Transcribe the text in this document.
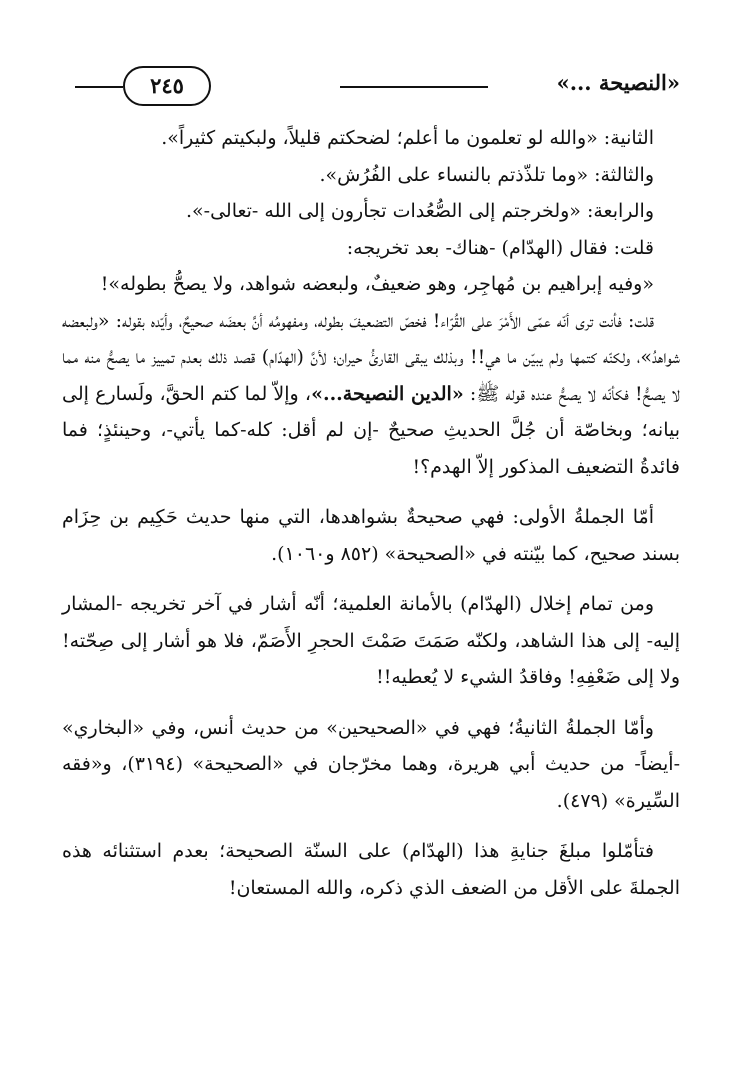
«النصيحة ...»
٢٤٥

الثانية: «والله لو تعلمون ما أعلم؛ لضحكتم قليلاً، ولبكيتم كثيراً».

والثالثة: «وما تلذّذتم بالنساء على الفُرُش».

والرابعة: «ولخرجتم إلى الصُّعُدات تجأرون إلى الله -تعالى-».

قلت: فقال (الهدّام) -هناك- بعد تخريجه:

«وفيه إبراهيم بن مُهاجِر، وهو ضعيفٌ، ولبعضه شواهد، ولا يصحُّ بطوله»!

قلت: فأنت ترى أنّه عمّى الأَمْرَ على القُرّاء! فخصّ التضعيفَ بطوله، ومفهومُه أنَّ بعضَه صحيحٌ، وأيّده بقوله: «ولبعضه شواهدُ»، ولكنّه كتمها ولم يبيّن ما هي!! وبذلك يبقى القارئُ حيران؛ لأنَّ (الهدّام) قصد ذلك بعدم تمييز ما يصحُّ منه مما لا يصحُّ! فكأنّه لا يصحُّ عنده قوله ﷺ: «الدين النصيحة...»، وإلاّ لما كتم الحقَّ، ولَسارع إلى بيانه؛ وبخاصّة أن جُلَّ الحديثِ صحيحٌ -إن لم أقل: كله-كما يأتي-، وحينئذٍ؛ فما فائدةُ التضعيف المذكور إلاّ الهدم؟!

أمّا الجملةُ الأولى: فهي صحيحةٌ بشواهدها، التي منها حديث حَكِيم بن حِزَام بسند صحيح، كما بيّنته في «الصحيحة» (٨٥٢ و١٠٦٠).

ومن تمام إخلال (الهدّام) بالأمانة العلمية؛ أنّه أشار في آخر تخريجه -المشار إليه- إلى هذا الشاهد، ولكنّه صَمَتَ صَمْتَ الحجرِ الأَصَمّ، فلا هو أشار إلى صِحّته! ولا إلى ضَعْفِهِ! وفاقدُ الشيء لا يُعطيه!!

وأمّا الجملةُ الثانيةُ؛ فهي في «الصحيحين» من حديث أنس، وفي «البخاري» -أيضاً- من حديث أبي هريرة، وهما مخرّجان في «الصحيحة» (٣١٩٤)، و«فقه السِّيرة» (٤٧٩).

فتأمّلوا مبلغَ جنايةِ هذا (الهدّام) على السنّة الصحيحة؛ بعدم استثنائه هذه الجملةَ على الأقل من الضعف الذي ذكره، والله المستعان!
